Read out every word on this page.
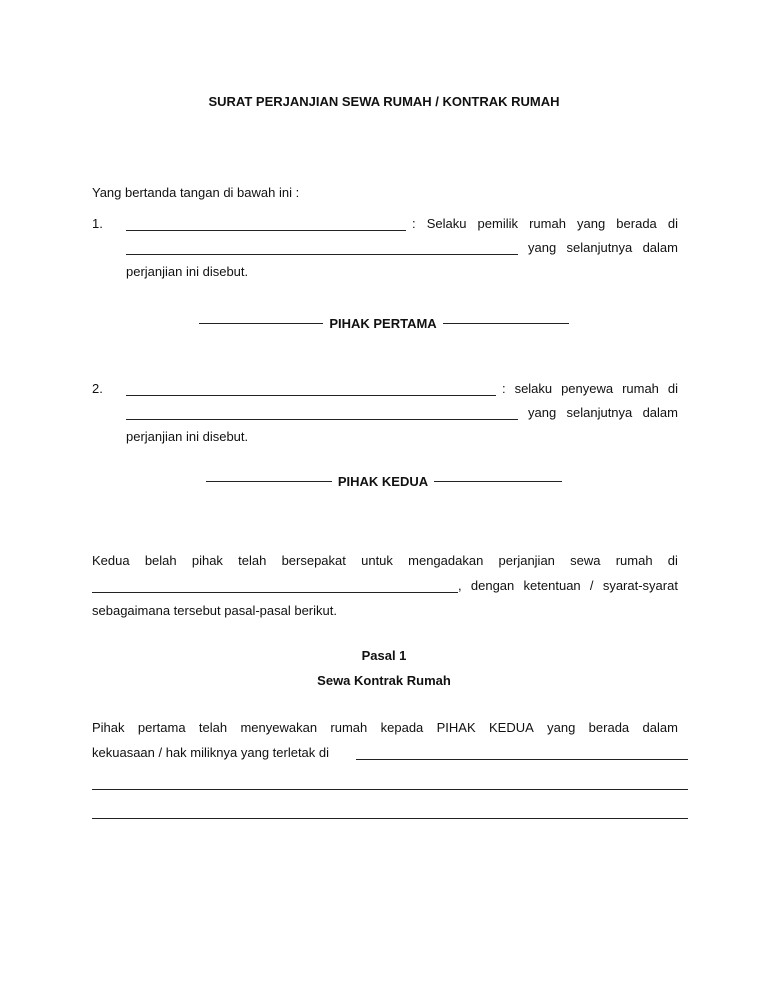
SURAT PERJANJIAN SEWA RUMAH / KONTRAK RUMAH
Yang bertanda tangan di bawah ini :
1.	: Selaku pemilik rumah yang berada di
yang selanjutnya dalam
perjanjian ini disebut.
PIHAK PERTAMA
2.	: selaku penyewa rumah di
yang selanjutnya dalam
perjanjian ini disebut.
PIHAK KEDUA
Kedua belah pihak telah bersepakat untuk mengadakan perjanjian sewa rumah di
, dengan ketentuan / syarat-syarat
sebagaimana tersebut pasal-pasal berikut.
Pasal 1
Sewa Kontrak Rumah
Pihak pertama telah menyewakan rumah kepada PIHAK KEDUA yang berada dalam
kekuasaan / hak miliknya yang terletak di
